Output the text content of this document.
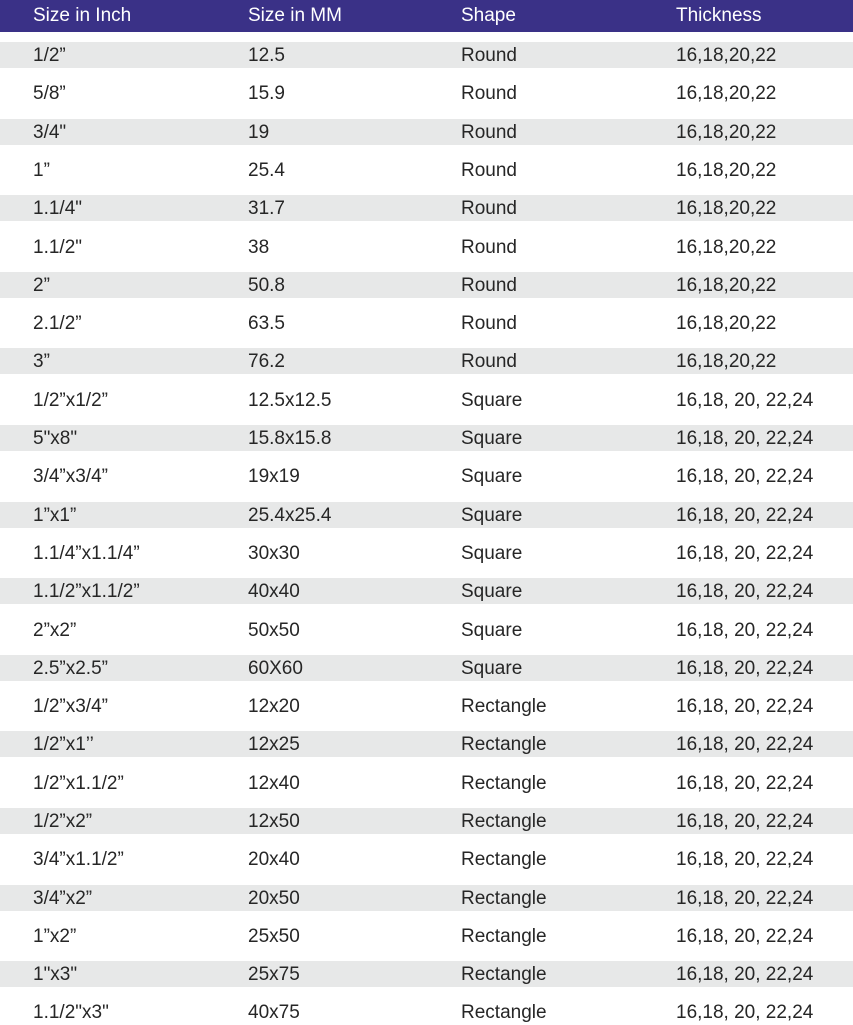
Size in Inch	Size in MM	Shape	Thickness
1/2”	12.5	Round	16,18,20,22
5/8”	15.9	Round	16,18,20,22
3/4"	19	Round	16,18,20,22
1”	25.4	Round	16,18,20,22
1.1/4"	31.7	Round	16,18,20,22
1.1/2"	38	Round	16,18,20,22
2”	50.8	Round	16,18,20,22
2.1/2”	63.5	Round	16,18,20,22
3”	76.2	Round	16,18,20,22
1/2”x1/2”	12.5x12.5	Square	16,18, 20, 22,24
5"x8"	15.8x15.8	Square	16,18, 20, 22,24
3/4”x3/4”	19x19	Square	16,18, 20, 22,24
1”x1”	25.4x25.4	Square	16,18, 20, 22,24
1.1/4”x1.1/4”	30x30	Square	16,18, 20, 22,24
1.1/2”x1.1/2”	40x40	Square	16,18, 20, 22,24
2”x2”	50x50	Square	16,18, 20, 22,24
2.5”x2.5”	60X60	Square	16,18, 20, 22,24
1/2”x3/4”	12x20	Rectangle	16,18, 20, 22,24
1/2”x1’’	12x25	Rectangle	16,18, 20, 22,24
1/2”x1.1/2”	12x40	Rectangle	16,18, 20, 22,24
1/2”x2”	12x50	Rectangle	16,18, 20, 22,24
3/4”x1.1/2”	20x40	Rectangle	16,18, 20, 22,24
3/4”x2”	20x50	Rectangle	16,18, 20, 22,24
1”x2”	25x50	Rectangle	16,18, 20, 22,24
1"x3"	25x75	Rectangle	16,18, 20, 22,24
1.1/2"x3"	40x75	Rectangle	16,18, 20, 22,24
